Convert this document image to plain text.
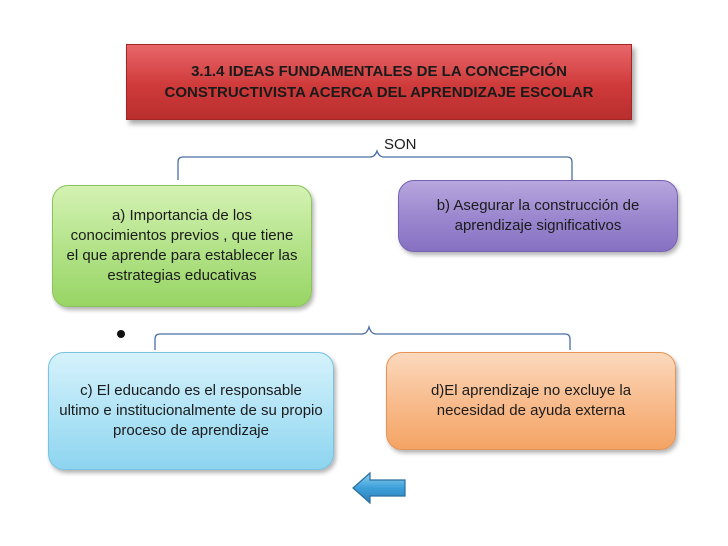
3.1.4 IDEAS FUNDAMENTALES DE LA CONCEPCIÓN CONSTRUCTIVISTA ACERCA DEL APRENDIZAJE ESCOLAR
SON
a) Importancia de los conocimientos previos , que tiene el que aprende para establecer las estrategias educativas
b) Asegurar la construcción de aprendizaje significativos
c) El educando es el responsable ultimo e institucionalmente de su propio proceso de aprendizaje
d)El aprendizaje no excluye la necesidad de ayuda externa
